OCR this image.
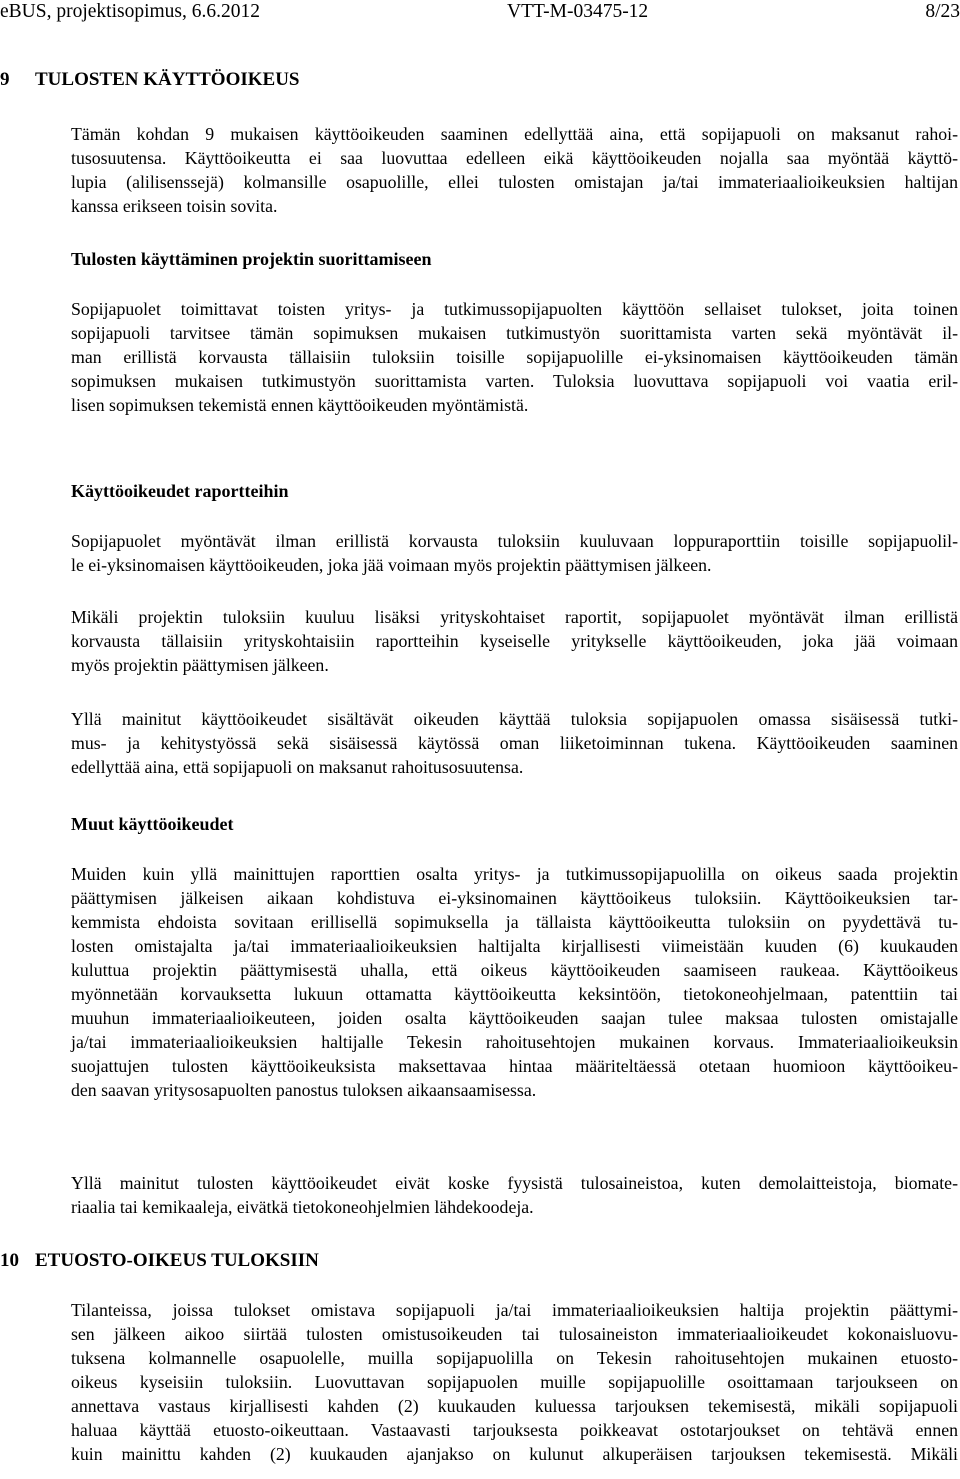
eBUS, projektisopimus, 6.6.2012	VTT-M-03475-12	8/23
9 TULOSTEN KÄYTTÖOIKEUS
Tämän kohdan 9 mukaisen käyttöoikeuden saaminen edellyttää aina, että sopijapuoli on maksanut rahoi-
tusosuutensa. Käyttöoikeutta ei saa luovuttaa edelleen eikä käyttöoikeuden nojalla saa myöntää käyttö-
lupia (alilisenssejä) kolmansille osapuolille, ellei tulosten omistajan ja/tai immateriaalioikeuksien haltijan
kanssa erikseen toisin sovita.
Tulosten käyttäminen projektin suorittamiseen
Sopijapuolet toimittavat toisten yritys- ja tutkimussopijapuolten käyttöön sellaiset tulokset, joita toinen
sopijapuoli tarvitsee tämän sopimuksen mukaisen tutkimustyön suorittamista varten sekä myöntävät il-
man erillistä korvausta tällaisiin tuloksiin toisille sopijapuolille ei-yksinomaisen käyttöoikeuden tämän
sopimuksen mukaisen tutkimustyön suorittamista varten. Tuloksia luovuttava sopijapuoli voi vaatia eril-
lisen sopimuksen tekemistä ennen käyttöoikeuden myöntämistä.
Käyttöoikeudet raportteihin
Sopijapuolet myöntävät ilman erillistä korvausta tuloksiin kuuluvaan loppuraporttiin toisille sopijapuolil-
le ei-yksinomaisen käyttöoikeuden, joka jää voimaan myös projektin päättymisen jälkeen.
Mikäli projektin tuloksiin kuuluu lisäksi yrityskohtaiset raportit, sopijapuolet myöntävät ilman erillistä
korvausta tällaisiin yrityskohtaisiin raportteihin kyseiselle yritykselle käyttöoikeuden, joka jää voimaan
myös projektin päättymisen jälkeen.
Yllä mainitut käyttöoikeudet sisältävät oikeuden käyttää tuloksia sopijapuolen omassa sisäisessä tutki-
mus- ja kehitystyössä sekä sisäisessä käytössä oman liiketoiminnan tukena. Käyttöoikeuden saaminen
edellyttää aina, että sopijapuoli on maksanut rahoitusosuutensa.
Muut käyttöoikeudet
Muiden kuin yllä mainittujen raporttien osalta yritys- ja tutkimussopijapuolilla on oikeus saada projektin
päättymisen jälkeisen aikaan kohdistuva ei-yksinomainen käyttöoikeus tuloksiin. Käyttöoikeuksien tar-
kemmista ehdoista sovitaan erillisellä sopimuksella ja tällaista käyttöoikeutta tuloksiin on pyydettävä tu-
losten omistajalta ja/tai immateriaalioikeuksien haltijalta kirjallisesti viimeistään kuuden (6) kuukauden
kuluttua projektin päättymisestä uhalla, että oikeus käyttöoikeuden saamiseen raukeaa. Käyttöoikeus
myönnetään korvauksetta lukuun ottamatta käyttöoikeutta keksintöön, tietokoneohjelmaan, patenttiin tai
muuhun immateriaalioikeuteen, joiden osalta käyttöoikeuden saajan tulee maksaa tulosten omistajalle
ja/tai immateriaalioikeuksien haltijalle Tekesin rahoitusehtojen mukainen korvaus. Immateriaalioikeuksin
suojattujen tulosten käyttöoikeuksista maksettavaa hintaa määriteltäessä otetaan huomioon käyttöoikeu-
den saavan yritysosapuolten panostus tuloksen aikaansaamisessa.
Yllä mainitut tulosten käyttöoikeudet eivät koske fyysistä tulosaineistoa, kuten demolaitteistoja, biomate-
riaalia tai kemikaaleja, eivätkä tietokoneohjelmien lähdekoodeja.
10 ETUOSTO-OIKEUS TULOKSIIN
Tilanteissa, joissa tulokset omistava sopijapuoli ja/tai immateriaalioikeuksien haltija projektin päättymi-
sen jälkeen aikoo siirtää tulosten omistusoikeuden tai tulosaineiston immateriaalioikeudet kokonaisluovu-
tuksena kolmannelle osapuolelle, muilla sopijapuolilla on Tekesin rahoitusehtojen mukainen etuosto-
oikeus kyseisiin tuloksiin. Luovuttavan sopijapuolen muille sopijapuolille osoittamaan tarjoukseen on
annettava vastaus kirjallisesti kahden (2) kuukauden kuluessa tarjouksen tekemisestä, mikäli sopijapuoli
haluaa käyttää etuosto-oikeuttaan. Vastaavasti tarjouksesta poikkeavat ostotarjoukset on tehtävä ennen
kuin mainittu kahden (2) kuukauden ajanjakso on kulunut alkuperäisen tarjouksen tekemisestä. Mikäli
